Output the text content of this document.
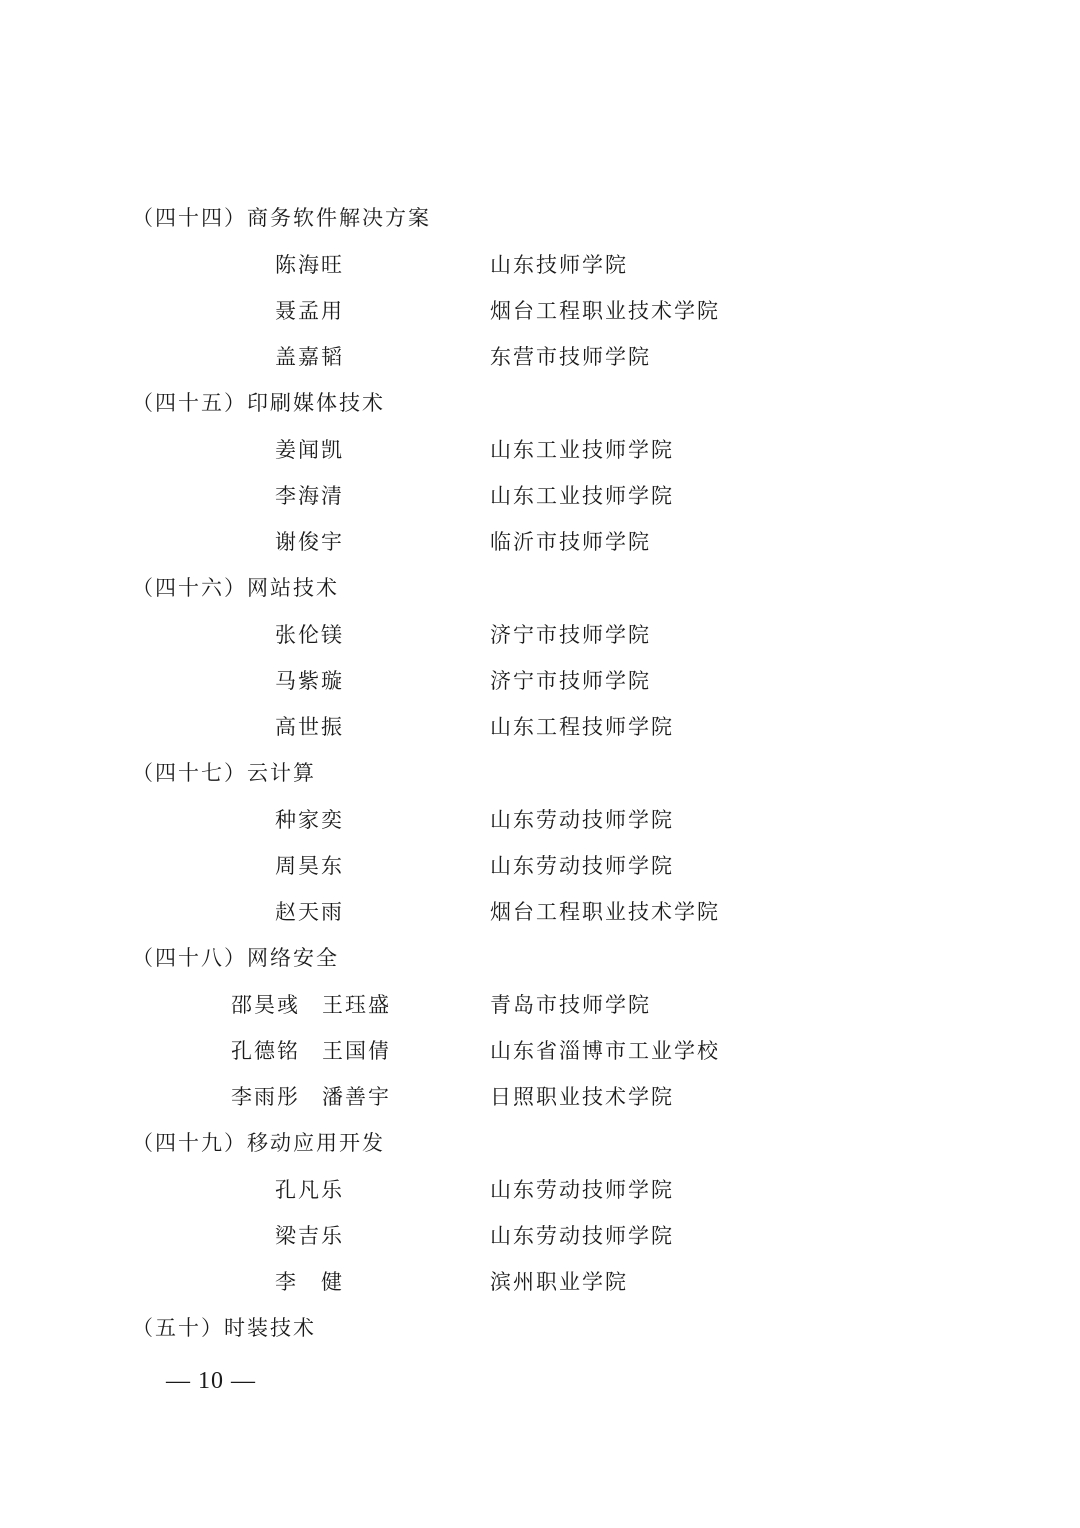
（四十四）商务软件解决方案
陈海旺	山东技师学院
聂孟用	烟台工程职业技术学院
盖嘉韬	东营市技师学院
（四十五）印刷媒体技术
姜闻凯	山东工业技师学院
李海清	山东工业技师学院
谢俊宇	临沂市技师学院
（四十六）网站技术
张伦镁	济宁市技师学院
马紫璇	济宁市技师学院
高世振	山东工程技师学院
（四十七）云计算
种家奕	山东劳动技师学院
周昊东	山东劳动技师学院
赵天雨	烟台工程职业技术学院
（四十八）网络安全
邵昊彧 王珏盛	青岛市技师学院
孔德铭 王国倩	山东省淄博市工业学校
李雨彤 潘善宇	日照职业技术学院
（四十九）移动应用开发
孔凡乐	山东劳动技师学院
梁吉乐	山东劳动技师学院
李　健	滨州职业学院
（五十）时装技术
— 10 —
